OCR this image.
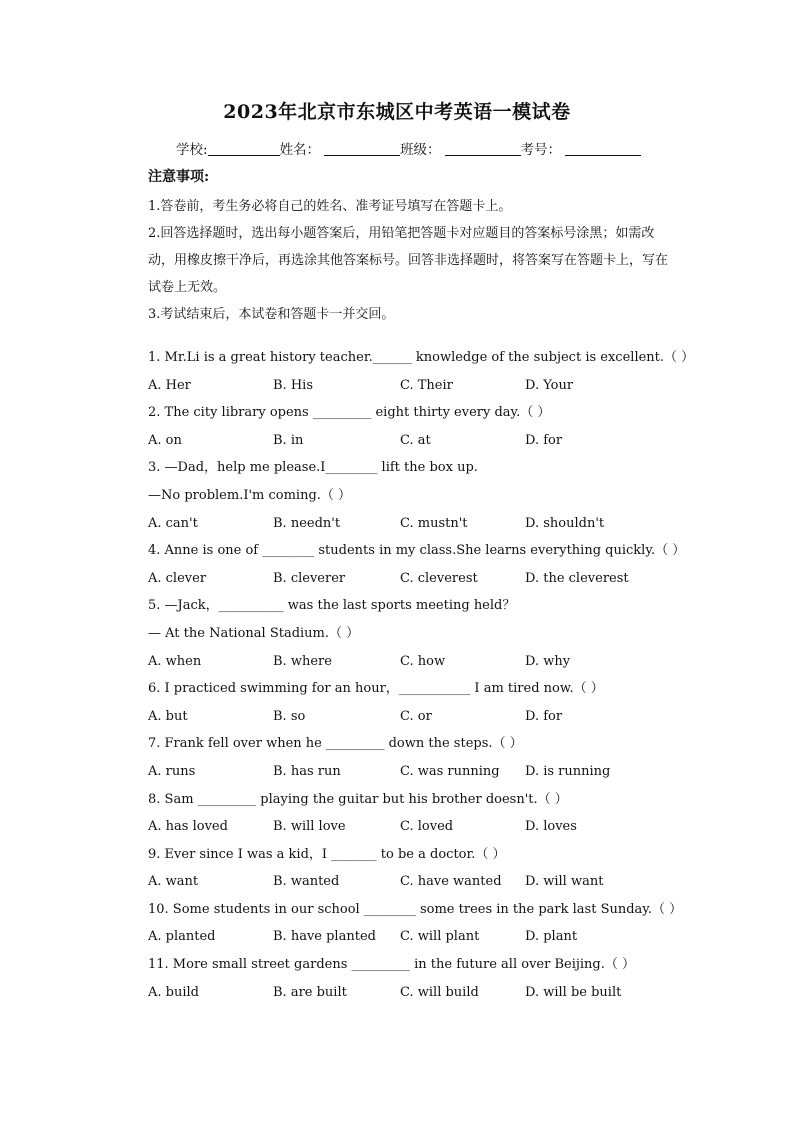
2023年北京市东城区中考英语一模试卷
学校:	姓名：	班级：	考号：
注意事项:

1.答卷前，考生务必将自己的姓名、准考证号填写在答题卡上。

2.回答选择题时，选出每小题答案后，用铅笔把答题卡对应题目的答案标号涂黑；如需改动，用橡皮擦干净后，再选涂其他答案标号。回答非选择题时，将答案写在答题卡上，写在试卷上无效。

3.考试结束后，本试卷和答题卡一并交回。

1. Mr.Li is a great history teacher.______ knowledge of the subject is excellent.（ ）
A. Her	B. His	C. Their	D. Your
2. The city library opens _________ eight thirty every day.（ ）
A. on	B. in	C. at	D. for
3. —Dad，help me please.I________ lift the box up.
—No problem.I'm coming.（ ）
A. can't	B. needn't	C. mustn't	D. shouldn't
4. Anne is one of ________ students in my class.She learns everything quickly.（ ）
A. clever	B. cleverer	C. cleverest	D. the cleverest
5. —Jack，__________ was the last sports meeting held？
— At the National Stadium.（ ）
A. when	B. where	C. how	D. why
6. I practiced swimming for an hour，___________ I am tired now.（ ）
A. but	B. so	C. or	D. for
7. Frank fell over when he _________ down the steps.（ ）
A. runs	B. has run	C. was running D. is running
8. Sam _________ playing the guitar but his brother doesn't.（ ）
A. has loved	B. will love	C. loved	D. loves
9. Ever since I was a kid，I _______ to be a doctor.（ ）
A. want	B. wanted	C. have wanted D. will want
10. Some students in our school ________ some trees in the park last Sunday.（ ）
A. planted	B. have planted C. will plant	D. plant
11. More small street gardens _________ in the future all over Beijing.（ ）
A. build	B. are built	C. will build	D. will be built
